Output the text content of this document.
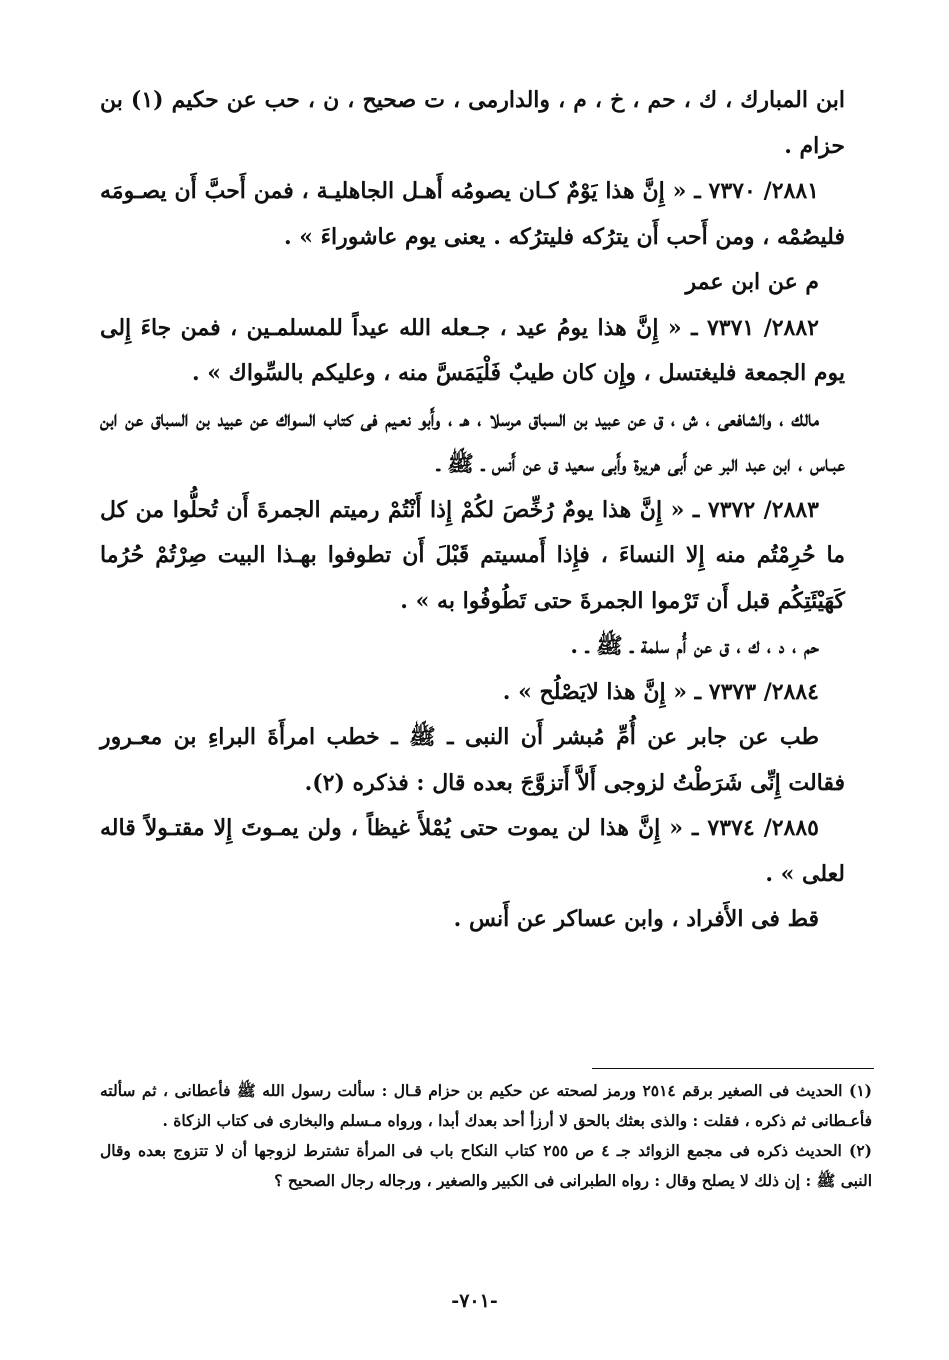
ابن المبارك ، ك ، حم ، خ ، م ، والدارمى ، ت صحيح ، ن ، حب عن حكيم (١) بن حزام .

٢٨٨١/ ٧٣٧٠ ـ « إِنَّ هذا يَوْمٌ كـان يصومُه أَهـل الجاهليـة ، فمن أَحبَّ أَن يصـومَه فليصُمْه ، ومن أَحب أَن يترُكه فليترُكه . يعنى يوم عاشوراءَ » .

م عن ابن عمر

٢٨٨٢/ ٧٣٧١ ـ « إِنَّ هذا يومُ عيد ، جـعله الله عيداً للمسلمـين ، فمن جاءَ إِلى يوم الجمعة فليغتسل ، وإِن كان طيبٌ فَلْيَمَسَّ منه ، وعليكم بالسِّواك » .

مالك ، والشافعى ، ش ، ق عن عبيد بن السباق مرسلا ، هـ ، وأَبو نعـيم فى كتاب السواك عن عبيد بن السباق عن ابن عبـاس ، ابن عبد البر عن أَبى هريرة وأَبى سعيد ق عن أَنس ـ ﷺ ـ

٢٨٨٣/ ٧٣٧٢ ـ « إِنَّ هذا يومٌ رُخِّصَ لكُمْ إِذا أَنْتُمْ رميتم الجمرةَ أَن تُحلُّوا من كل ما حُرِمْتُم منه إِلا النساءَ ، فإِذا أَمسيتم قَبْلَ أَن تطوفوا بهـذا البيت صِرْتُمْ حُرُما كَهَيْئَتِكُم قبل أَن تَرْموا الجمرةَ حتى تَطُوفُوا به » .

حم ، د ، ك ، ق عن أُم سلمة ـ ﷺ ـ .

٢٨٨٤/ ٧٣٧٣ ـ « إِنَّ هذا لايَصْلُح » .

طب عن جابر عن أُمِّ مُبشر أَن النبى ـ ﷺ ـ خطب امرأَةَ البراءِ بن معـرور فقالت إِنِّى شَرَطْتُ لزوجى أَلاَّ أَتزوَّجَ بعده قال : فذكره (٢).

٢٨٨٥/ ٧٣٧٤ ـ « إِنَّ هذا لن يموت حتى يُمْلأَ غيظاً ، ولن يمـوتَ إِلا مقتـولاً قاله لعلى » .

قط فى الأَفراد ، وابن عساكر عن أَنس .

(١) الحديث فى الصغير برقم ٢٥١٤ ورمز لصحته عن حكيم بن حزام قـال : سألت رسول الله ﷺ فأعطانى ، ثم سألته فأعـطانى ثم ذكره ، فقلت : والذى بعثك بالحق لا أرزأ أحد بعدك أبدا ، ورواه مـسلم والبخارى فى كتاب الزكاة .

(٢) الحديث ذكره فى مجمع الزوائد جـ ٤ ص ٢٥٥ كتاب النكاح باب فى المرأة تشترط لزوجها أن لا تتزوج بعده وقال النبى ﷺ : إن ذلك لا يصلح وقال : رواه الطبرانى فى الكبير والصغير ، ورجاله رجال الصحيح ؟

-٧٠١-
